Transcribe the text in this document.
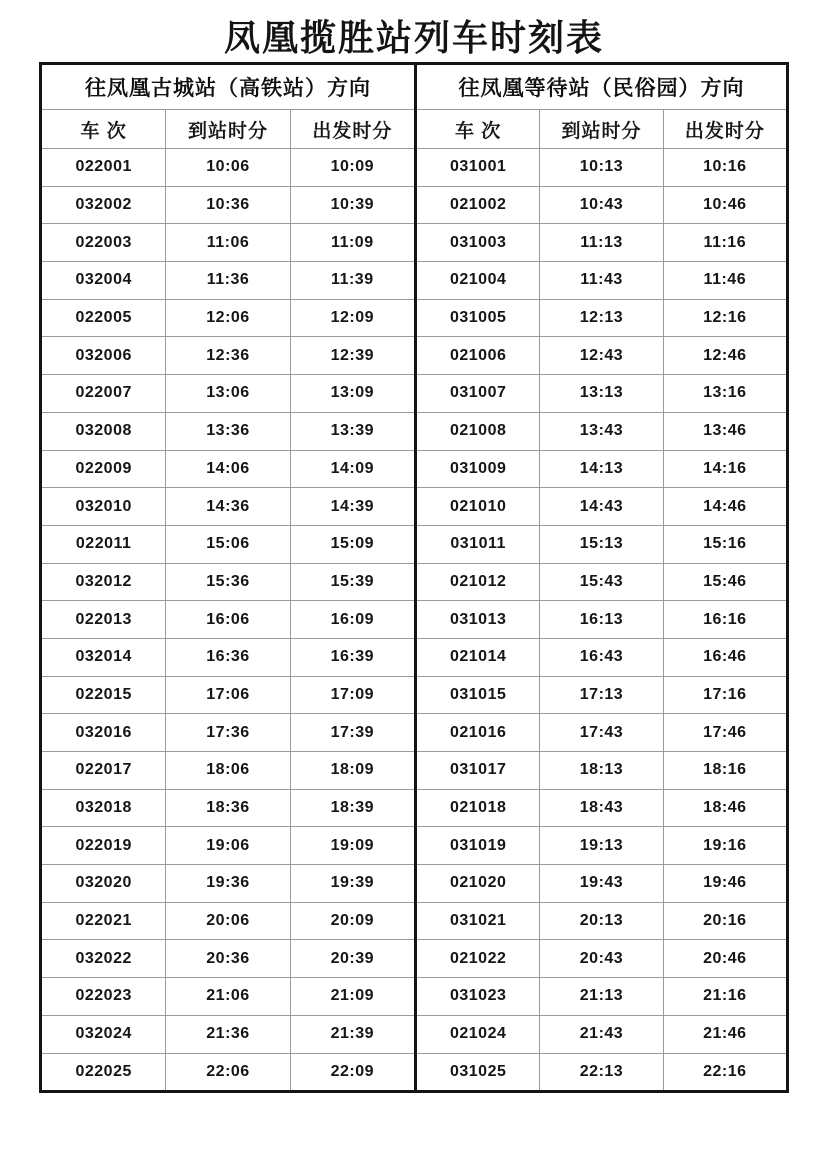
凤凰揽胜站列车时刻表
往凤凰古城站（高铁站）方向
车 次	到站时分	出发时分
022001	10:06	10:09
032002	10:36	10:39
022003	11:06	11:09
032004	11:36	11:39
022005	12:06	12:09
032006	12:36	12:39
022007	13:06	13:09
032008	13:36	13:39
022009	14:06	14:09
032010	14:36	14:39
022011	15:06	15:09
032012	15:36	15:39
022013	16:06	16:09
032014	16:36	16:39
022015	17:06	17:09
032016	17:36	17:39
022017	18:06	18:09
032018	18:36	18:39
022019	19:06	19:09
032020	19:36	19:39
022021	20:06	20:09
032022	20:36	20:39
022023	21:06	21:09
032024	21:36	21:39
022025	22:06	22:09
往凤凰等待站（民俗园）方向
车 次	到站时分	出发时分
031001	10:13	10:16
021002	10:43	10:46
031003	11:13	11:16
021004	11:43	11:46
031005	12:13	12:16
021006	12:43	12:46
031007	13:13	13:16
021008	13:43	13:46
031009	14:13	14:16
021010	14:43	14:46
031011	15:13	15:16
021012	15:43	15:46
031013	16:13	16:16
021014	16:43	16:46
031015	17:13	17:16
021016	17:43	17:46
031017	18:13	18:16
021018	18:43	18:46
031019	19:13	19:16
021020	19:43	19:46
031021	20:13	20:16
021022	20:43	20:46
031023	21:13	21:16
021024	21:43	21:46
031025	22:13	22:16
